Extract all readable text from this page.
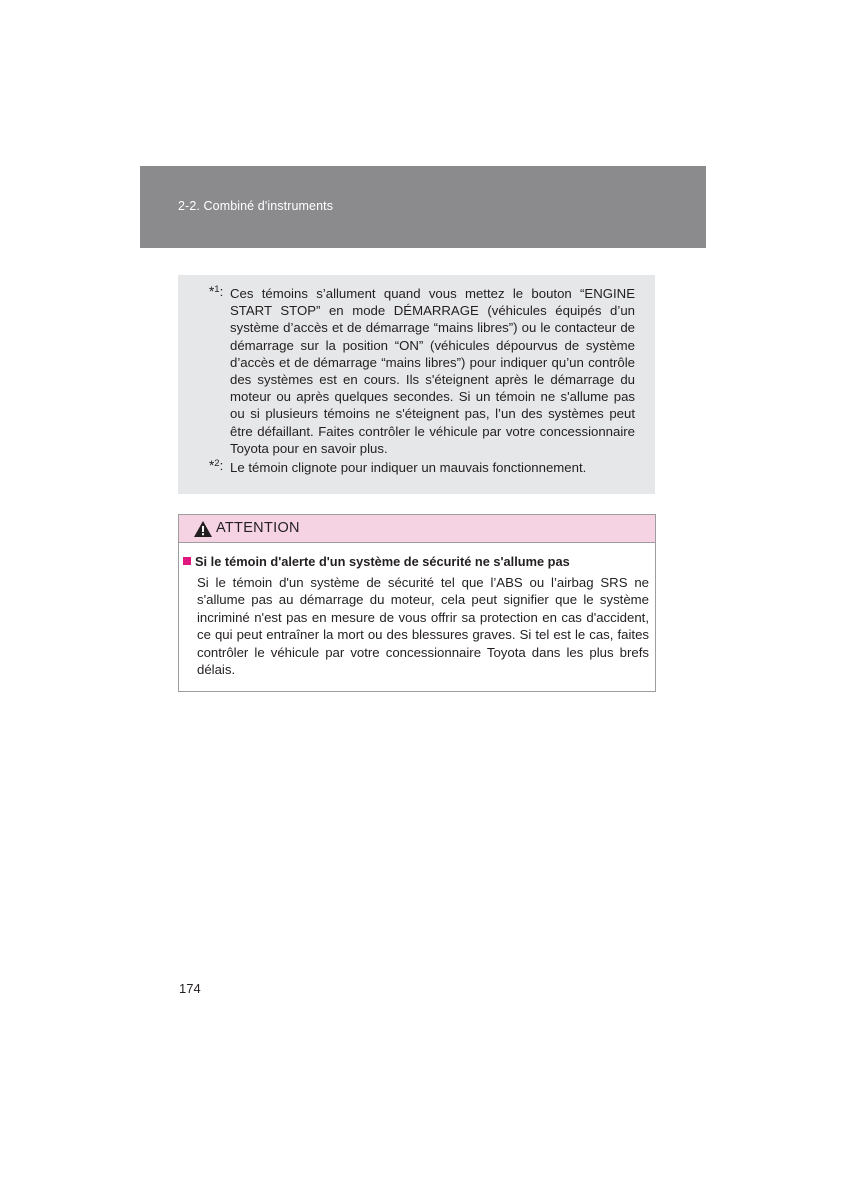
2-2. Combiné d'instruments
*$^1$: Ces témoins s’allument quand vous mettez le bouton “ENGINE START STOP” en mode DÉMARRAGE (véhicules équipés d’un système d’accès et de démarrage “mains libres”) ou le contacteur de démarrage sur la position “ON” (véhicules dépourvus de système d’accès et de démarrage “mains libres”) pour indiquer qu’un contrôle des systèmes est en cours. Ils s'éteignent après le démarrage du moteur ou après quelques secondes. Si un témoin ne s'allume pas ou si plusieurs témoins ne s'éteignent pas, l’un des systèmes peut être défaillant. Faites contrôler le véhicule par votre concessionnaire Toyota pour en savoir plus.
*$^2$: Le témoin clignote pour indiquer un mauvais fonctionnement.
ATTENTION
Si le témoin d'alerte d'un système de sécurité ne s'allume pas
Si le témoin d'un système de sécurité tel que l’ABS ou l’airbag SRS ne s'allume pas au démarrage du moteur, cela peut signifier que le système incriminé n'est pas en mesure de vous offrir sa protection en cas d'accident, ce qui peut entraîner la mort ou des blessures graves. Si tel est le cas, faites contrôler le véhicule par votre concessionnaire Toyota dans les plus brefs délais.
174
